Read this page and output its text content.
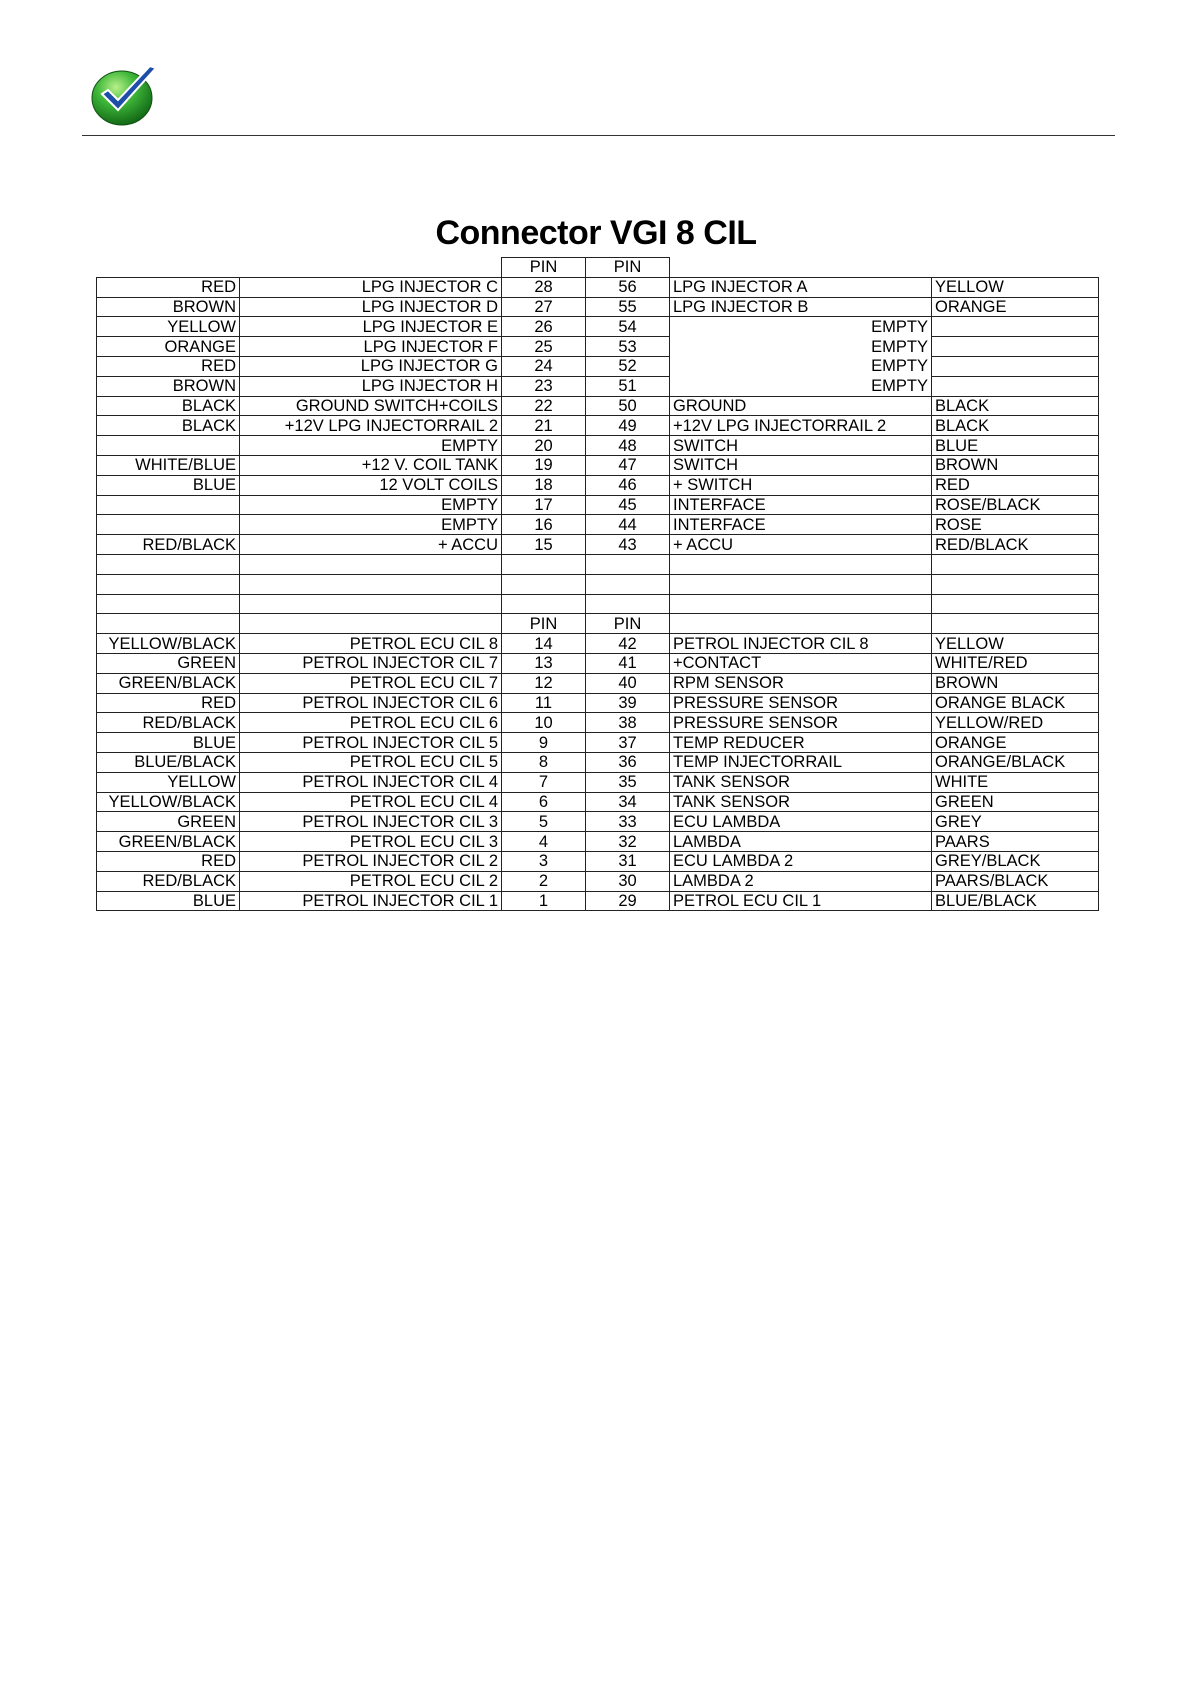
Connector VGI 8 CIL
		PIN	PIN		
RED	LPG INJECTOR C	28	56	LPG INJECTOR A	YELLOW
BROWN	LPG INJECTOR D	27	55	LPG INJECTOR B	ORANGE
YELLOW	LPG INJECTOR E	26	54	EMPTY	
ORANGE	LPG INJECTOR F	25	53	EMPTY	
RED	LPG INJECTOR G	24	52	EMPTY	
BROWN	LPG INJECTOR H	23	51	EMPTY	
BLACK	GROUND SWITCH+COILS	22	50	GROUND	BLACK
BLACK	+12V LPG INJECTORRAIL 2	21	49	+12V LPG INJECTORRAIL 2	BLACK
	EMPTY	20	48	SWITCH	BLUE
WHITE/BLUE	+12 V. COIL TANK	19	47	SWITCH	BROWN
BLUE	12 VOLT COILS	18	46	+ SWITCH	RED
	EMPTY	17	45	INTERFACE	ROSE/BLACK
	EMPTY	16	44	INTERFACE	ROSE
RED/BLACK	+ ACCU	15	43	+ ACCU	RED/BLACK

		PIN	PIN		
YELLOW/BLACK	PETROL ECU CIL 8	14	42	PETROL INJECTOR CIL 8	YELLOW
GREEN	PETROL INJECTOR CIL 7	13	41	+CONTACT	WHITE/RED
GREEN/BLACK	PETROL ECU CIL 7	12	40	RPM SENSOR	BROWN
RED	PETROL INJECTOR CIL 6	11	39	PRESSURE SENSOR	ORANGE BLACK
RED/BLACK	PETROL ECU CIL 6	10	38	PRESSURE SENSOR	YELLOW/RED
BLUE	PETROL INJECTOR CIL 5	9	37	TEMP REDUCER	ORANGE
BLUE/BLACK	PETROL ECU CIL 5	8	36	TEMP INJECTORRAIL	ORANGE/BLACK
YELLOW	PETROL INJECTOR CIL 4	7	35	TANK SENSOR	WHITE
YELLOW/BLACK	PETROL ECU CIL 4	6	34	TANK SENSOR	GREEN
GREEN	PETROL INJECTOR CIL 3	5	33	ECU LAMBDA	GREY
GREEN/BLACK	PETROL ECU CIL 3	4	32	LAMBDA	PAARS
RED	PETROL INJECTOR CIL 2	3	31	ECU LAMBDA 2	GREY/BLACK
RED/BLACK	PETROL ECU CIL 2	2	30	LAMBDA 2	PAARS/BLACK
BLUE	PETROL INJECTOR CIL 1	1	29	PETROL ECU CIL 1	BLUE/BLACK
